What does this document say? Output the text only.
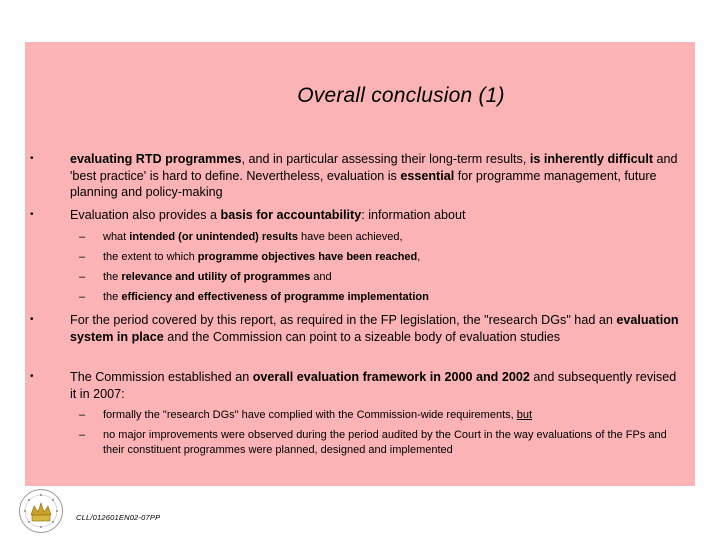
Overall conclusion (1)
•	evaluating RTD programmes, and in particular assessing their long-term results, is inherently difficult and 'best practice' is hard to define. Nevertheless, evaluation is essential for programme management, future planning and policy-making
•	Evaluation also provides a basis for accountability: information about
– what intended (or unintended) results have been achieved,
– the extent to which programme objectives have been reached,
– the relevance and utility of programmes and
– the efficiency and effectiveness of programme implementation
•	For the period covered by this report, as required in the FP legislation, the "research DGs" had an evaluation system in place and the Commission can point to a sizeable body of evaluation studies
•	The Commission established an overall evaluation framework in 2000 and 2002 and subsequently revised it in 2007:
– formally the "research DGs" have complied with the Commission-wide requirements, but
– no major improvements were observed during the period audited by the Court in the way evaluations of the FPs and their constituent programmes were planned, designed and implemented
CLL/012601EN02-07PP
